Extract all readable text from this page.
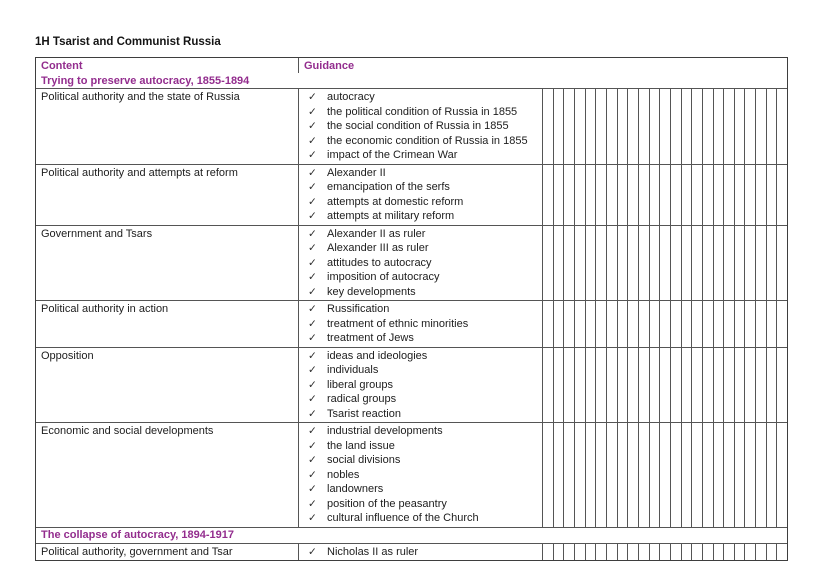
1H Tsarist and Communist Russia
Content	Guidance
Trying to preserve autocracy, 1855-1894
Political authority and the state of Russia	✓ autocracy
✓ the political condition of Russia in 1855
✓ the social condition of Russia in 1855
✓ the economic condition of Russia in 1855
✓ impact of the Crimean War
Political authority and attempts at reform	✓ Alexander II
✓ emancipation of the serfs
✓ attempts at domestic reform
✓ attempts at military reform
Government and Tsars	✓ Alexander II as ruler
✓ Alexander III as ruler
✓ attitudes to autocracy
✓ imposition of autocracy
✓ key developments
Political authority in action	✓ Russification
✓ treatment of ethnic minorities
✓ treatment of Jews
Opposition	✓ ideas and ideologies
✓ individuals
✓ liberal groups
✓ radical groups
✓ Tsarist reaction
Economic and social developments	✓ industrial developments
✓ the land issue
✓ social divisions
✓ nobles
✓ landowners
✓ position of the peasantry
✓ cultural influence of the Church
The collapse of autocracy, 1894-1917
Political authority, government and Tsar	✓ Nicholas II as ruler
